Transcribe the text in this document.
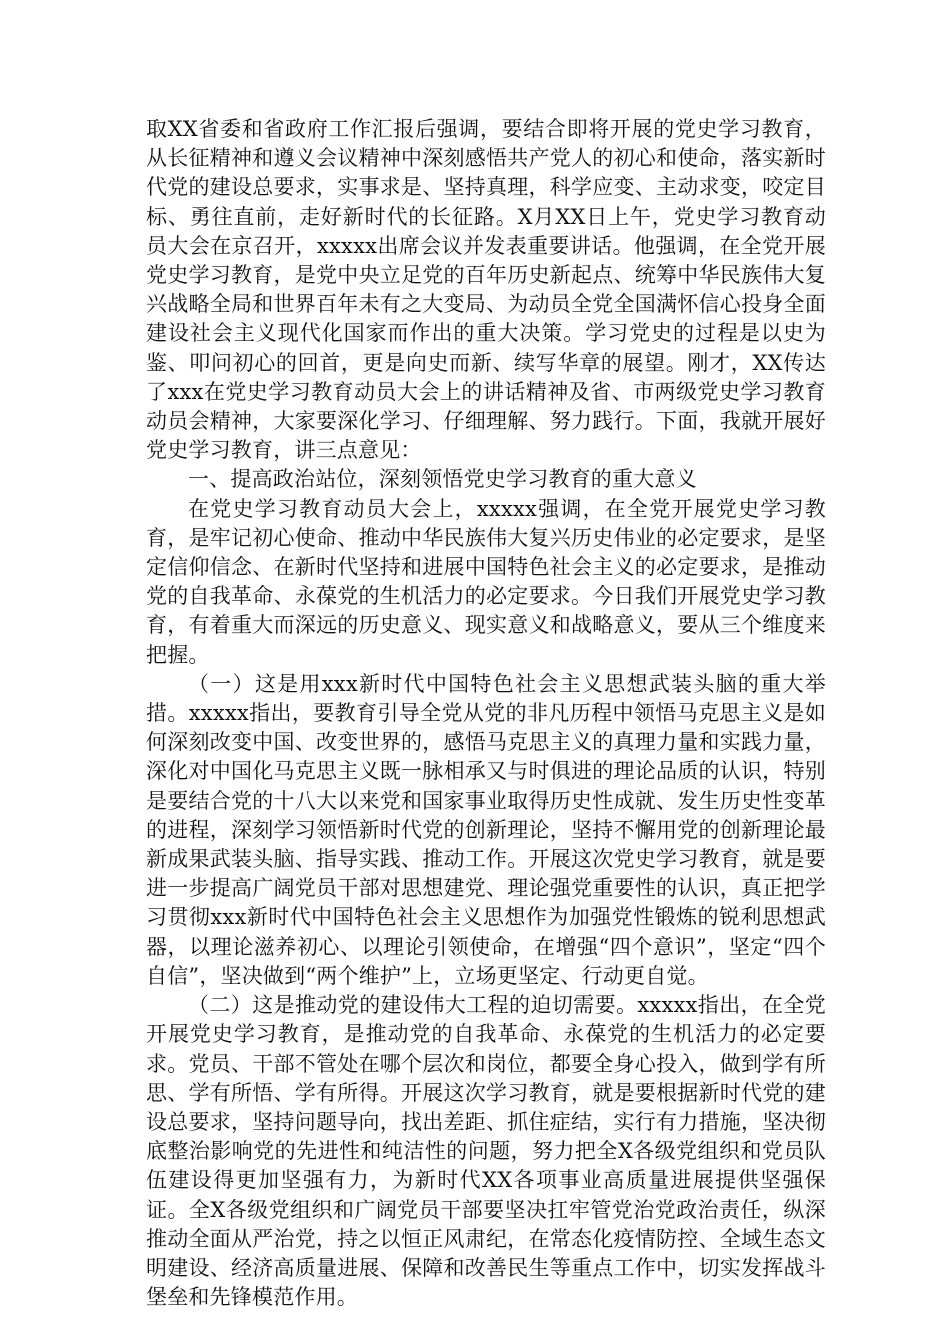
取XX省委和省政府工作汇报后强调，要结合即将开展的党史学习教育，从长征精神和遵义会议精神中深刻感悟共产党人的初心和使命，落实新时代党的建设总要求，实事求是、坚持真理，科学应变、主动求变，咬定目标、勇往直前，走好新时代的长征路。X月XX日上午，党史学习教育动员大会在京召开，xxxxx出席会议并发表重要讲话。他强调，在全党开展党史学习教育，是党中央立足党的百年历史新起点、统筹中华民族伟大复兴战略全局和世界百年未有之大变局、为动员全党全国满怀信心投身全面建设社会主义现代化国家而作出的重大决策。学习党史的过程是以史为鉴、叩问初心的回首，更是向史而新、续写华章的展望。刚才，XX传达了xxx在党史学习教育动员大会上的讲话精神及省、市两级党史学习教育动员会精神，大家要深化学习、仔细理解、努力践行。下面，我就开展好党史学习教育，讲三点意见：

一、提高政治站位，深刻领悟党史学习教育的重大意义

在党史学习教育动员大会上，xxxxx强调，在全党开展党史学习教育，是牢记初心使命、推动中华民族伟大复兴历史伟业的必定要求，是坚定信仰信念、在新时代坚持和进展中国特色社会主义的必定要求，是推动党的自我革命、永葆党的生机活力的必定要求。今日我们开展党史学习教育，有着重大而深远的历史意义、现实意义和战略意义，要从三个维度来把握。

（一）这是用xxx新时代中国特色社会主义思想武装头脑的重大举措。xxxxx指出，要教育引导全党从党的非凡历程中领悟马克思主义是如何深刻改变中国、改变世界的，感悟马克思主义的真理力量和实践力量，深化对中国化马克思主义既一脉相承又与时俱进的理论品质的认识，特别是要结合党的十八大以来党和国家事业取得历史性成就、发生历史性变革的进程，深刻学习领悟新时代党的创新理论，坚持不懈用党的创新理论最新成果武装头脑、指导实践、推动工作。开展这次党史学习教育，就是要进一步提高广阔党员干部对思想建党、理论强党重要性的认识，真正把学习贯彻xxx新时代中国特色社会主义思想作为加强党性锻炼的锐利思想武器，以理论滋养初心、以理论引领使命，在增强“四个意识”，坚定“四个自信”，坚决做到“两个维护”上，立场更坚定、行动更自觉。

（二）这是推动党的建设伟大工程的迫切需要。xxxxx指出，在全党开展党史学习教育，是推动党的自我革命、永葆党的生机活力的必定要求。党员、干部不管处在哪个层次和岗位，都要全身心投入，做到学有所思、学有所悟、学有所得。开展这次学习教育，就是要根据新时代党的建设总要求，坚持问题导向，找出差距、抓住症结，实行有力措施，坚决彻底整治影响党的先进性和纯洁性的问题，努力把全X各级党组织和党员队伍建设得更加坚强有力，为新时代XX各项事业高质量进展提供坚强保证。全X各级党组织和广阔党员干部要坚决扛牢管党治党政治责任，纵深推动全面从严治党，持之以恒正风肃纪，在常态化疫情防控、全域生态文明建设、经济高质量进展、保障和改善民生等重点工作中，切实发挥战斗堡垒和先锋模范作用。
